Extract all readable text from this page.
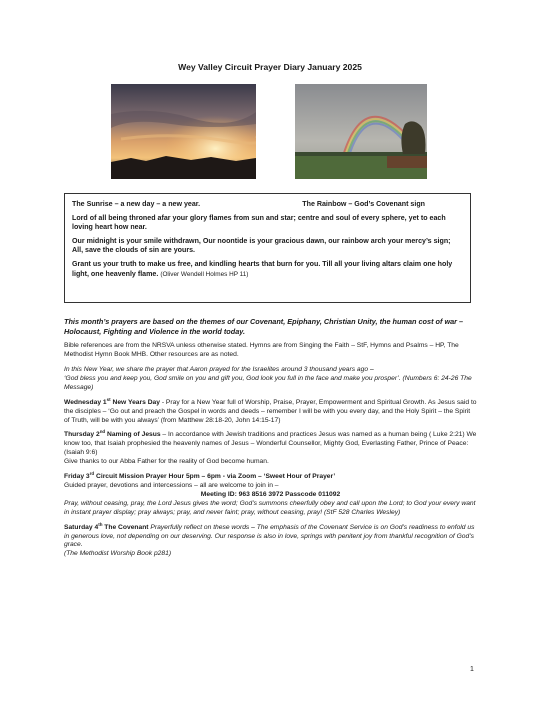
Wey Valley Circuit Prayer Diary January 2025
The Sunrise – a new day – a new year.	The Rainbow – God’s Covenant sign

Lord of all being throned afar your glory flames from sun and star; centre and soul of every sphere, yet to each loving heart how near.

Our midnight is your smile withdrawn, Our noontide is your gracious dawn, our rainbow arch your mercy’s sign; All, save the clouds of sin are yours.

Grant us your truth to make us free, and kindling hearts that burn for you. Till all your living altars claim one holy light, one heavenly flame. (Oliver Wendell Holmes HP 11)

This month’s prayers are based on the themes of our Covenant, Epiphany, Christian Unity, the human cost of war – Holocaust, Fighting and Violence in the world today.

Bible references are from the NRSVA unless otherwise stated. Hymns are from Singing the Faith – StF, Hymns and Psalms – HP, The Methodist Hymn Book MHB. Other resources are as noted.

In this New Year, we share the prayer that Aaron prayed for the Israelites around 3 thousand years ago –
‘God bless you and keep you, God smile on you and gift you, God look you full in the face and make you prosper’. (Numbers 6: 24-26 The Message)

Wednesday 1st New Years Day - Pray for a New Year full of Worship, Praise, Prayer, Empowerment and Spiritual Growth. As Jesus said to the disciples – ‘Go out and preach the Gospel in words and deeds – remember I will be with you every day, and the Holy Spirit – the Spirit of Truth, will be with you always’ (from Matthew 28:18-20, John 14:15-17)

Thursday 2nd Naming of Jesus – In accordance with Jewish traditions and practices Jesus was named as a human being ( Luke 2:21) We know too, that Isaiah prophesied the heavenly names of Jesus – Wonderful Counsellor, Mighty God, Everlasting Father, Prince of Peace: (Isaiah 9:6)
Give thanks to our Abba Father for the reality of God become human.

Friday 3rd Circuit Mission Prayer Hour 5pm – 6pm - via Zoom – ‘Sweet Hour of Prayer’
Guided prayer, devotions and intercessions – all are welcome to join in –

Meeting ID: 963 8516 3972 Passcode 011092
Pray, without ceasing, pray, the Lord Jesus gives the word; God’s summons cheerfully obey and call upon the Lord; to God your every want in instant prayer display; pray always; pray, and never faint; pray, without ceasing, pray! (StF 528 Charles Wesley)

Saturday 4th The Covenant Prayerfully reflect on these words – The emphasis of the Covenant Service is on God’s readiness to enfold us in generous love, not depending on our deserving. Our response is also in love, springs with penitent joy from thankful recognition of God’s grace.
(The Methodist Worship Book p281)

1
